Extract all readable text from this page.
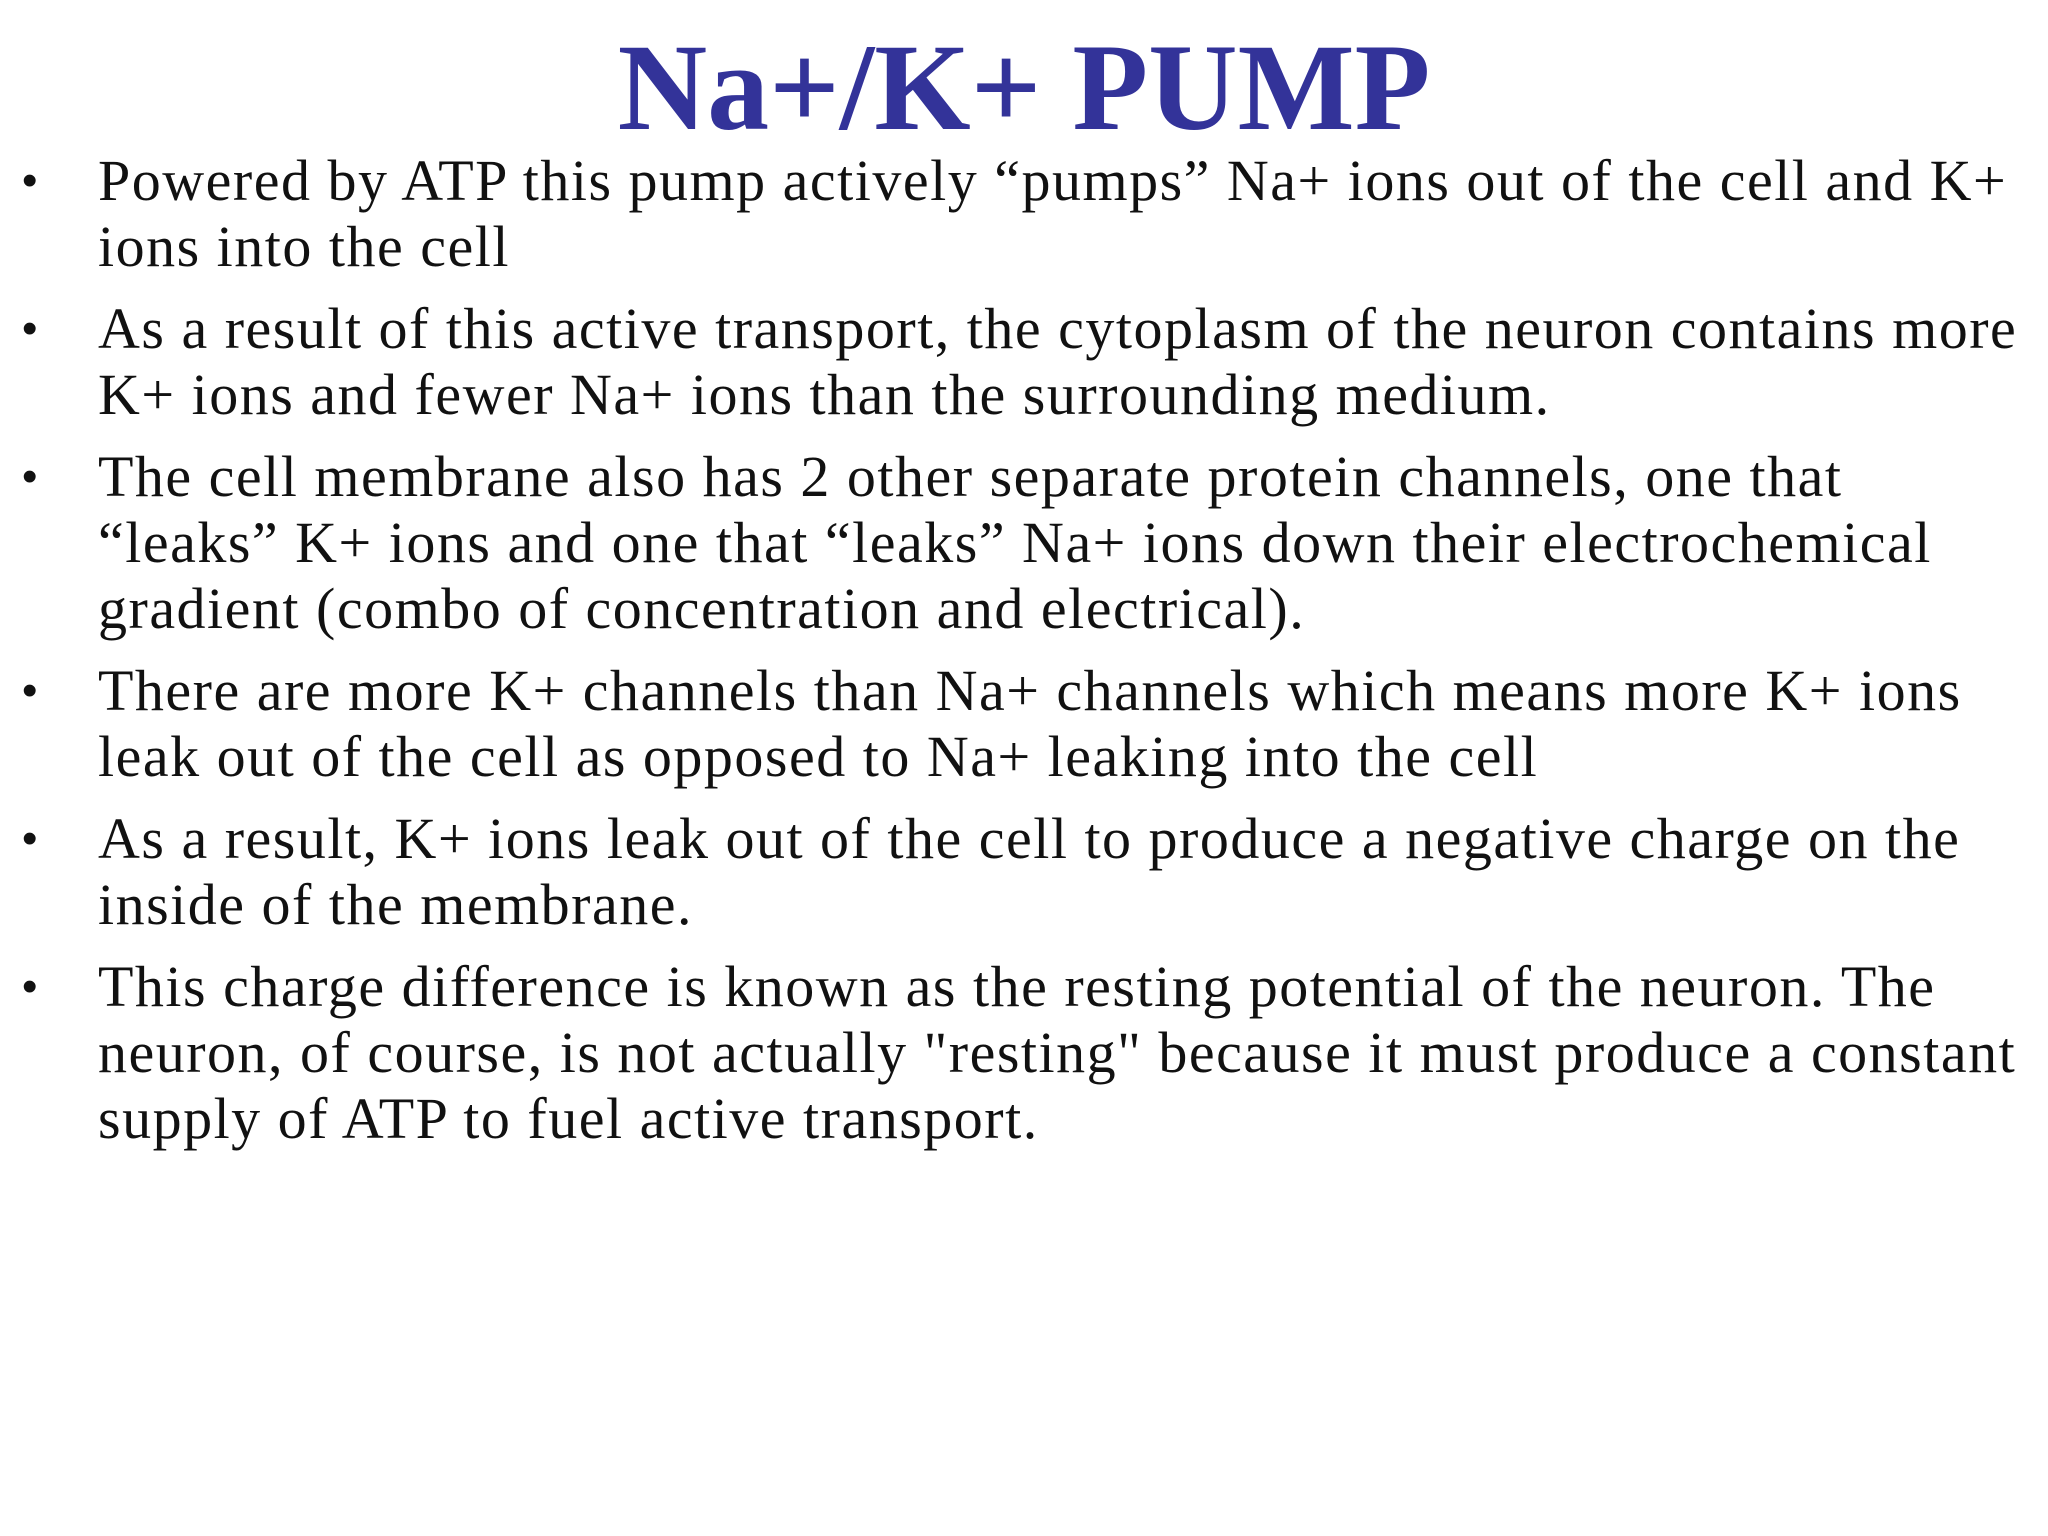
Na+/K+ PUMP
• Powered by ATP this pump actively “pumps” Na+ ions out of the cell and K+ ions into the cell
• As a result of this active transport, the cytoplasm of the neuron contains more K+ ions and fewer Na+ ions than the surrounding medium.
• The cell membrane also has 2 other separate protein channels, one that “leaks” K+ ions and one that “leaks” Na+ ions down their electrochemical gradient (combo of concentration and electrical).
• There are more K+ channels than Na+ channels which means more K+ ions leak out of the cell as opposed to Na+ leaking into the cell
• As a result, K+ ions leak out of the cell to produce a negative charge on the inside of the membrane.
• This charge difference is known as the resting potential of the neuron. The neuron, of course, is not actually "resting" because it must produce a constant supply of ATP to fuel active transport.
